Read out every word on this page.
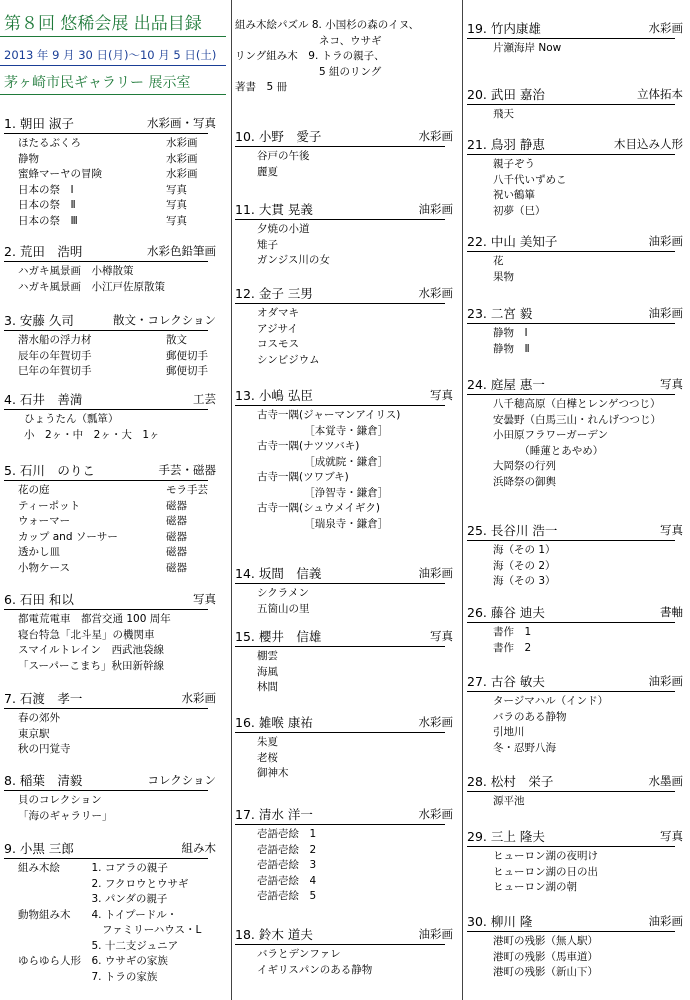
第８回 悠稀会展 出品目録
2013 年 9 月 30 日(月)〜10 月 5 日(土)
茅ヶ崎市民ギャラリー 展示室
1. 朝田 淑子	水彩画・写真
ほたるぶくろ	水彩画
静物	水彩画
蜜蜂マーヤの冒険	水彩画
日本の祭　Ⅰ	写真
日本の祭　Ⅱ	写真
日本の祭　Ⅲ	写真
2. 荒田　浩明	水彩色鉛筆画
ハガキ風景画　小樽散策
ハガキ風景画　小江戸佐原散策
3. 安藤 久司	散文・コレクション
潜水船の浮力材	散文
辰年の年賀切手	郵便切手
巳年の年賀切手	郵便切手
4. 石井　善満	工芸
ひょうたん（瓢箪）
小　2ヶ・中　2ヶ・大　1ヶ
5. 石川　のりこ	手芸・磁器
花の庭	モラ手芸
ティーポット	磁器
ウォーマー	磁器
カップ and ソーサー	磁器
透かし皿	磁器
小物ケース	磁器
6. 石田 和以	写真
都電荒電車　都営交通 100 周年
寝台特急「北斗星」の機関車
スマイルトレイン　西武池袋線
「スーパーこまち」秋田新幹線
7. 石渡　孝一	水彩画
春の郊外
東京駅
秋の円覚寺
8. 稲葉　清毅	コレクション
貝のコレクション
「海のギャラリー」
9. 小黒 三郎	組み木
組み木絵　　　1. コアラの親子
　　　　　　　2. フクロウとウサギ
　　　　　　　3. パンダの親子
動物組み木　　4. トイプードル・
　　　　　　　　ファミリーハウス・L
　　　　　　　5. 十二支ジュニア
ゆらゆら人形　6. ウサギの家族
　　　　　　　7. トラの家族
組み木絵パズル 8. 小国杉の森のイヌ、
　　　　　　　　ネコ、ウサギ
リング組み木　9. トラの親子、
　　　　　　　　5 組のリング
著書　5 冊
10. 小野　愛子	水彩画
谷戸の午後
麗夏
11. 大貫 晃義	油彩画
夕焼の小道
雉子
ガンジス川の女
12. 金子 三男	水彩画
オダマキ
アジサイ
コスモス
シンビジウム
13. 小嶋 弘臣	写真
古寺一隅(ジャーマンアイリス)
　　　　　［本覚寺・鎌倉］
古寺一隅(ナツツバキ)
　　　　　［成就院・鎌倉］
古寺一隅(ツワブキ)
　　　　　［浄智寺・鎌倉］
古寺一隅(シュウメイギク)
　　　　　［瑞泉寺・鎌倉］
14. 坂間　信義	油彩画
シクラメン
五箇山の里
15. 櫻井　信雄	写真
棚雲
海風
林間
16. 雑喉 康祐	水彩画
朱夏
老桜
御神木
17. 清水 洋一	水彩画
壱語壱絵　1
壱語壱絵　2
壱語壱絵　3
壱語壱絵　4
壱語壱絵　5
18. 鈴木 道夫	油彩画
バラとデンファレ
イギリスパンのある静物
19. 竹内康雄	水彩画
片瀬海岸 Now
20. 武田 嘉治	立体拓本
飛天
21. 鳥羽 静恵	木目込み人形
親子ぞう
八千代いずめこ
祝い鶴篳
初夢（巳）
22. 中山 美知子	油彩画
花
果物
23. 二宮 毅	油彩画
静物　Ⅰ
静物　Ⅱ
24. 庭屋 惠一	写真
八千穂高原（白樺とレンゲつつじ）
安曇野（白馬三山・れんげつつじ）
小田原フラワーガーデン
　　　（睡蓮とあやめ）
大岡祭の行列
浜降祭の御輿
25. 長谷川 浩一	写真
海（その 1）
海（その 2）
海（その 3）
26. 藤谷 迪夫	書軸
書作　1
書作　2
27. 古谷 敏夫	油彩画
タージマハル（インド）
バラのある静物
引地川
冬・忍野八海
28. 松村　栄子	水墨画
源平池
29. 三上 隆夫	写真
ヒューロン湖の夜明け
ヒューロン湖の日の出
ヒューロン湖の朝
30. 柳川 隆	油彩画
港町の残影（無人駅）
港町の残影（馬車道）
港町の残影（新山下）
